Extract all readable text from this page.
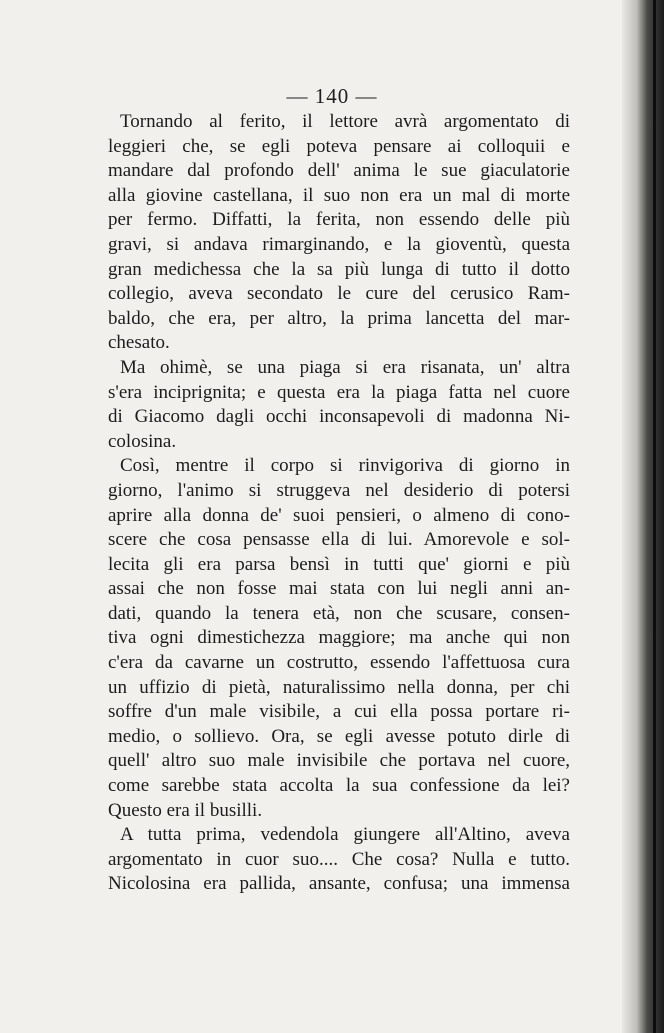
— 140 —
Tornando al ferito, il lettore avrà argomentato di
leggieri che, se egli poteva pensare ai colloquii e
mandare dal profondo dell' anima le sue giaculatorie
alla giovine castellana, il suo non era un mal di morte
per fermo. Diffatti, la ferita, non essendo delle più
gravi, si andava rimarginando, e la gioventù, questa
gran medichessa che la sa più lunga di tutto il dotto
collegio, aveva secondato le cure del cerusico Ram-
baldo, che era, per altro, la prima lancetta del mar-
chesato.
Ma ohimè, se una piaga si era risanata, un' altra
s'era inciprignita; e questa era la piaga fatta nel cuore
di Giacomo dagli occhi inconsapevoli di madonna Ni-
colosina.
Così, mentre il corpo si rinvigoriva di giorno in
giorno, l'animo si struggeva nel desiderio di potersi
aprire alla donna de' suoi pensieri, o almeno di cono-
scere che cosa pensasse ella di lui. Amorevole e sol-
lecita gli era parsa bensì in tutti que' giorni e più
assai che non fosse mai stata con lui negli anni an-
dati, quando la tenera età, non che scusare, consen-
tiva ogni dimestichezza maggiore; ma anche qui non
c'era da cavarne un costrutto, essendo l'affettuosa cura
un uffizio di pietà, naturalissimo nella donna, per chi
soffre d'un male visibile, a cui ella possa portare ri-
medio, o sollievo. Ora, se egli avesse potuto dirle di
quell' altro suo male invisibile che portava nel cuore,
come sarebbe stata accolta la sua confessione da lei?
Questo era il busilli.
A tutta prima, vedendola giungere all'Altino, aveva
argomentato in cuor suo.... Che cosa? Nulla e tutto.
Nicolosina era pallida, ansante, confusa; una immensa
